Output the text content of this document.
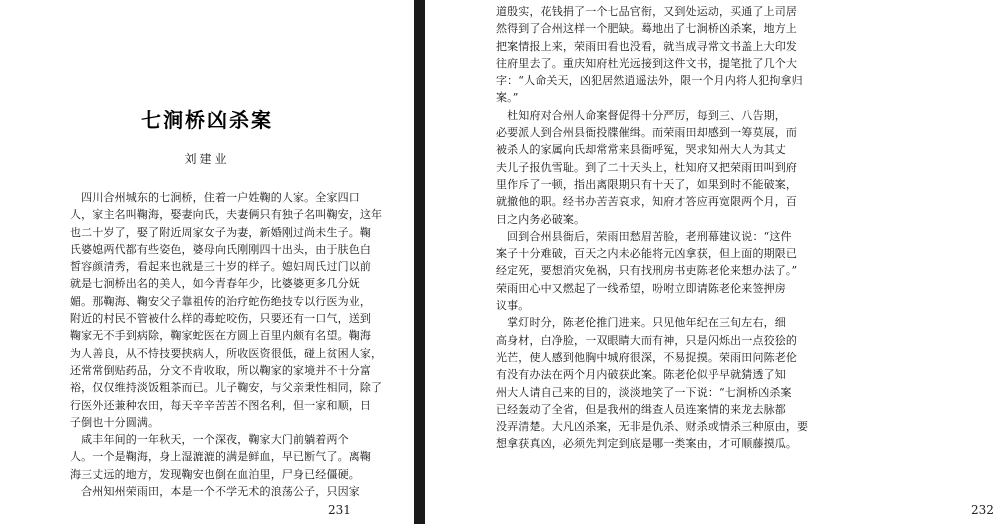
七涧桥凶杀案
刘建业
　四川合州城东的七涧桥，住着一户姓鞠的人家。全家四口
人，家主名叫鞠海，娶妻向氏，夫妻俩只有独子名叫鞠安，这年
也二十岁了，娶了附近周家女子为妻，新婚刚过尚未生子。鞠
氏婆媳两代都有些姿色，婆母向氏刚刚四十出头，由于肤色白
皙容颜清秀，看起来也就是三十岁的样子。媳妇周氏过门以前
就是七涧桥出名的美人，如今青春年少，比婆婆更多几分妩
媚。那鞠海、鞠安父子靠祖传的治疗蛇伤绝技专以行医为业，
附近的村民不管被什么样的毒蛇咬伤，只要还有一口气，送到
鞠家无不手到病除，鞠家蛇医在方圆上百里内颇有名望。鞠海
为人善良，从不恃技要挟病人，所收医资很低，碰上贫困人家，
还常常倒贴药品，分文不肯收取，所以鞠家的家境并不十分富
裕，仅仅维持淡饭粗茶而已。儿子鞠安，与父亲秉性相同，除了
行医外还兼种农田，每天辛辛苦苦不图名利，但一家和顺，日
子倒也十分圆满。
　咸丰年间的一年秋天，一个深夜，鞠家大门前躺着两个
人。一个是鞠海，身上湿漉漉的满是鲜血，早已断气了。离鞠
海三丈远的地方，发现鞠安也倒在血泊里，尸身已经僵硬。
　合州知州荣雨田，本是一个不学无术的浪荡公子，只因家
231	232
道殷实，花钱捐了一个七品官衔，又到处运动，买通了上司居
然得到了合州这样一个肥缺。蓦地出了七涧桥凶杀案，地方上
把案情报上来，荣雨田看也没看，就当成寻常文书盖上大印发
往府里去了。重庆知府杜光远接到这件文书，提笔批了几个大
字：“人命关天，凶犯居然逍遥法外，限一个月内将人犯拘拿归
案。”
　杜知府对合州人命案督促得十分严厉，每到三、八告期，
必要派人到合州县衙投牒催缉。而荣雨田却感到一筹莫展，而
被杀人的家属向氏却常常来县衙呼冤，哭求知州大人为其丈
夫儿子报仇雪耻。到了二十天头上，杜知府又把荣雨田叫到府
里作斥了一顿，指出离限期只有十天了，如果到时不能破案，
就撤他的职。经书办苦苦哀求，知府才答应再宽限两个月，百
日之内务必破案。
　回到合州县衙后，荣雨田愁眉苦脸，老刑幕建议说：“这件
案子十分难破，百天之内未必能将元凶拿获，但上面的期限已
经定死，要想消灾免祸，只有找刑房书吏陈老伦来想办法了。”
荣雨田心中又燃起了一线希望，吩咐立即请陈老伦来签押房
议事。
　掌灯时分，陈老伦推门进来。只见他年纪在三旬左右，细
高身材，白净脸，一双眼睛大而有神，只是闪烁出一点狡狯的
光芒，使人感到他胸中城府很深，不易捉摸。荣雨田问陈老伦
有没有办法在两个月内破获此案。陈老伦似乎早就猜透了知
州大人请自己来的目的，淡淡地笑了一下说：“七涧桥凶杀案
已经轰动了全省，但是我州的缉查人员连案情的来龙去脉都
没弄清楚。大凡凶杀案，无非是仇杀、财杀或情杀三种原由，要
想拿获真凶，必须先判定到底是哪一类案由，才可顺藤摸瓜。
